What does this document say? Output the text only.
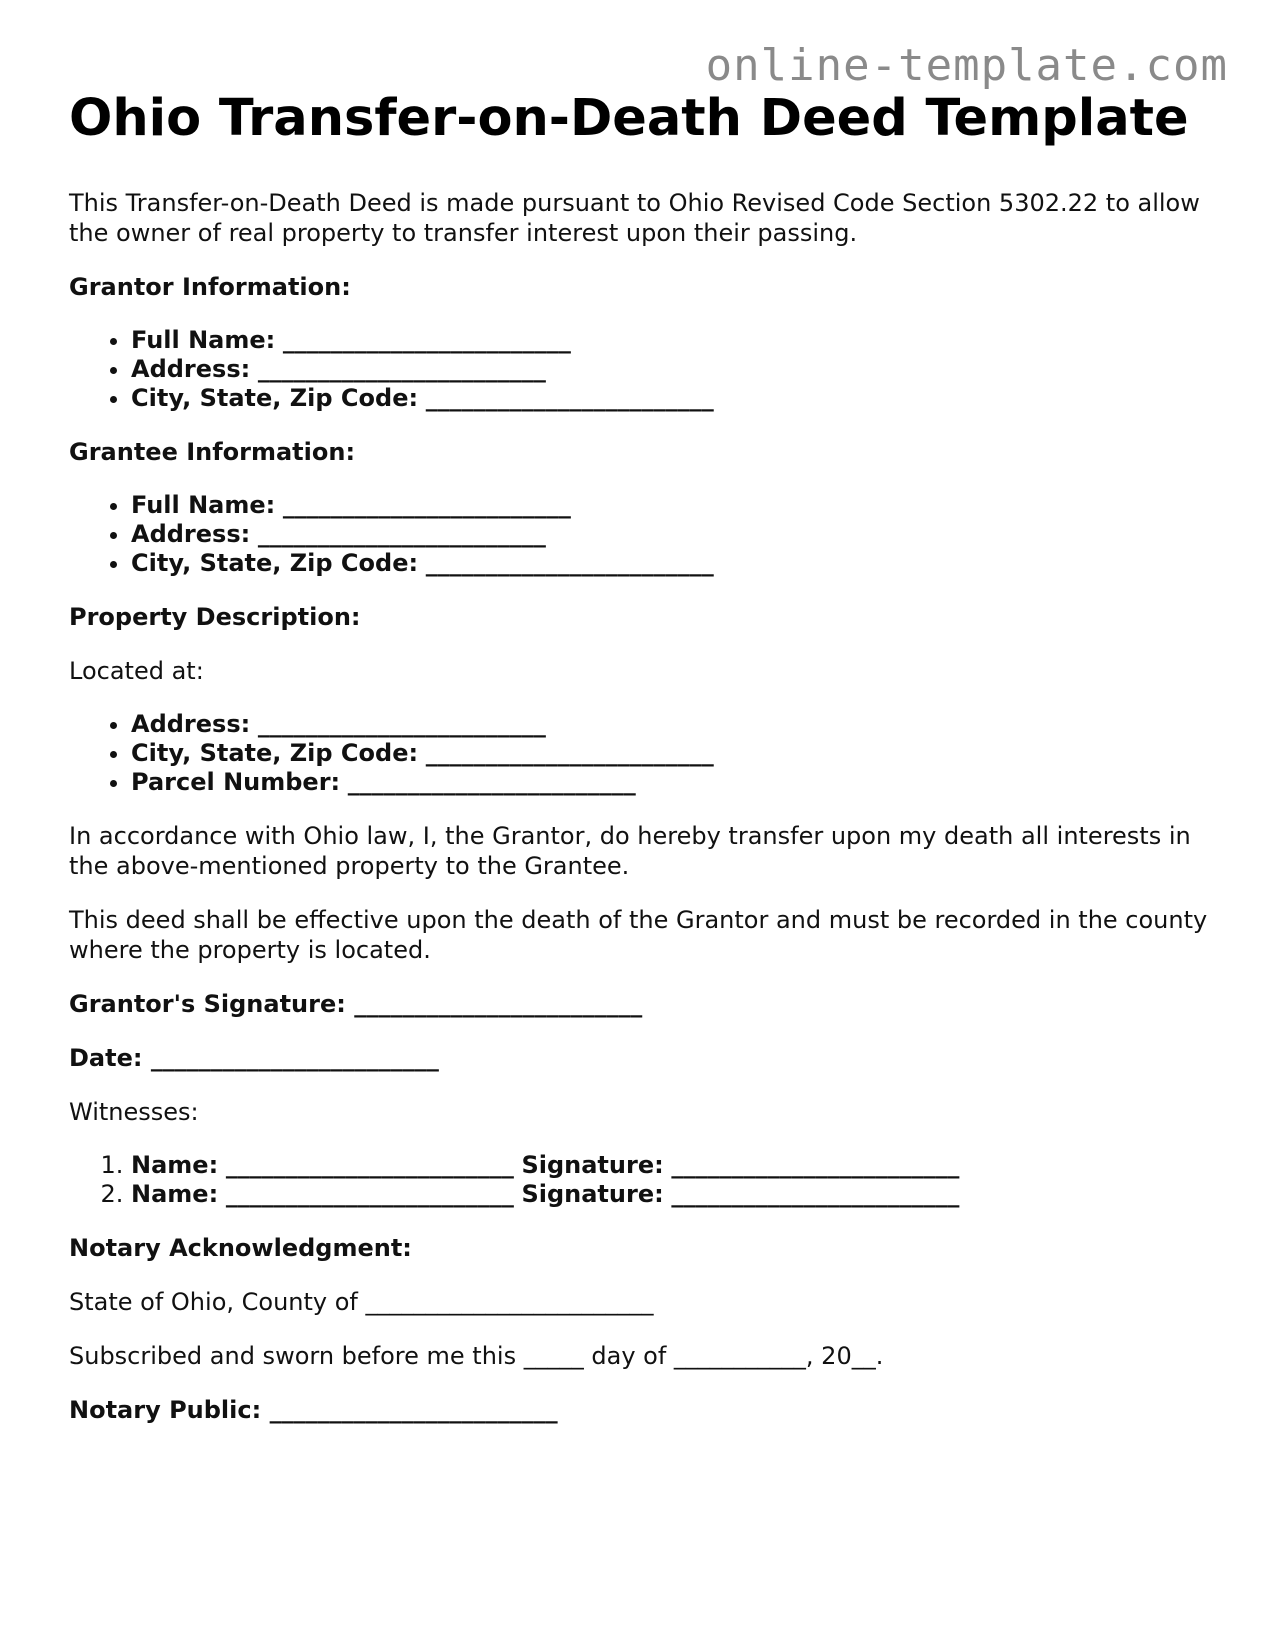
online-template.com
Ohio Transfer-on-Death Deed Template

This Transfer-on-Death Deed is made pursuant to Ohio Revised Code Section 5302.22 to allow the owner of real property to transfer interest upon their passing.

Grantor Information:

• Full Name: ________________________
• Address: ________________________
• City, State, Zip Code: ________________________

Grantee Information:

• Full Name: ________________________
• Address: ________________________
• City, State, Zip Code: ________________________

Property Description:

Located at:

• Address: ________________________
• City, State, Zip Code: ________________________
• Parcel Number: ________________________

In accordance with Ohio law, I, the Grantor, do hereby transfer upon my death all interests in the above-mentioned property to the Grantee.

This deed shall be effective upon the death of the Grantor and must be recorded in the county where the property is located.

Grantor's Signature: ________________________

Date: ________________________

Witnesses:

1. Name: ________________________ Signature: ________________________
2. Name: ________________________ Signature: ________________________

Notary Acknowledgment:

State of Ohio, County of ________________________

Subscribed and sworn before me this _____ day of ___________, 20__.

Notary Public: ________________________
